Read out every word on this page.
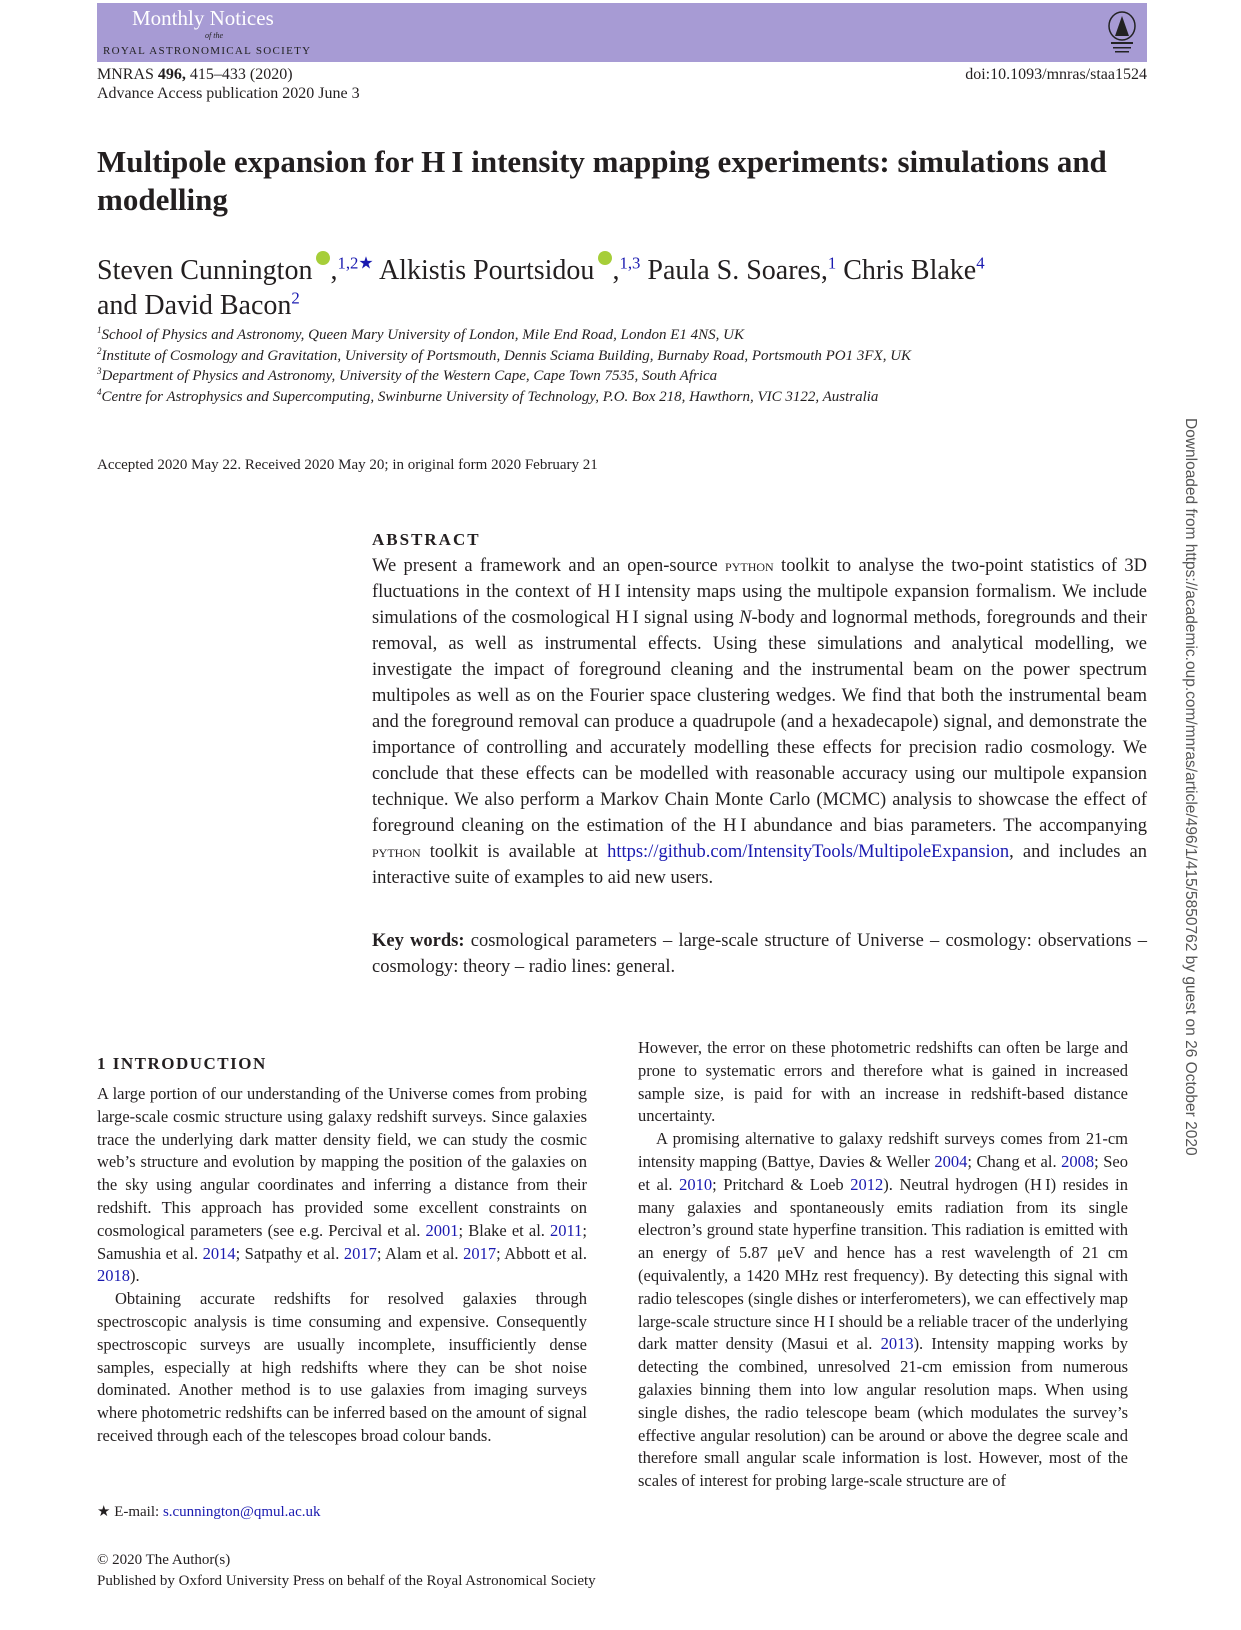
Monthly Notices
of the
ROYAL ASTRONOMICAL SOCIETY
MNRAS 496, 415–433 (2020)
Advance Access publication 2020 June 3
doi:10.1093/mnras/staa1524
Multipole expansion for H I intensity mapping experiments: simulations and modelling
Steven Cunnington iD ,$^{1,2★}$ Alkistis Pourtsidou iD ,$^{1,3}$ Paula S. Soares,$^1$ Chris Blake$^4$
and David Bacon$^2$
$^1$School of Physics and Astronomy, Queen Mary University of London, Mile End Road, London E1 4NS, UK
$^2$Institute of Cosmology and Gravitation, University of Portsmouth, Dennis Sciama Building, Burnaby Road, Portsmouth PO1 3FX, UK
$^3$Department of Physics and Astronomy, University of the Western Cape, Cape Town 7535, South Africa
$^4$Centre for Astrophysics and Supercomputing, Swinburne University of Technology, P.O. Box 218, Hawthorn, VIC 3122, Australia
Accepted 2020 May 22. Received 2020 May 20; in original form 2020 February 21
ABSTRACT
We present a framework and an open-source python toolkit to analyse the two-point statistics of 3D fluctuations in the context of H I intensity maps using the multipole expansion formalism. We include simulations of the cosmological H I signal using N-body and lognormal methods, foregrounds and their removal, as well as instrumental effects. Using these simulations and analytical modelling, we investigate the impact of foreground cleaning and the instrumental beam on the power spectrum multipoles as well as on the Fourier space clustering wedges. We find that both the instrumental beam and the foreground removal can produce a quadrupole (and a hexadecapole) signal, and demonstrate the importance of controlling and accurately modelling these effects for precision radio cosmology. We conclude that these effects can be modelled with reasonable accuracy using our multipole expansion technique. We also perform a Markov Chain Monte Carlo (MCMC) analysis to showcase the effect of foreground cleaning on the estimation of the H I abundance and bias parameters. The accompanying python toolkit is available at https://github.com/IntensityTools/MultipoleExpansion, and includes an interactive suite of examples to aid new users.
Key words: cosmological parameters – large-scale structure of Universe – cosmology: observations – cosmology: theory – radio lines: general.
1 INTRODUCTION

A large portion of our understanding of the Universe comes from probing large-scale cosmic structure using galaxy redshift surveys. Since galaxies trace the underlying dark matter density field, we can study the cosmic web’s structure and evolution by mapping the position of the galaxies on the sky using angular coordinates and inferring a distance from their redshift. This approach has provided some excellent constraints on cosmological parameters (see e.g. Percival et al. 2001; Blake et al. 2011; Samushia et al. 2014; Satpathy et al. 2017; Alam et al. 2017; Abbott et al. 2018).

Obtaining accurate redshifts for resolved galaxies through spectroscopic analysis is time consuming and expensive. Consequently spectroscopic surveys are usually incomplete, insufficiently dense samples, especially at high redshifts where they can be shot noise dominated. Another method is to use galaxies from imaging surveys where photometric redshifts can be inferred based on the amount of signal received through each of the telescopes broad colour bands.

However, the error on these photometric redshifts can often be large and prone to systematic errors and therefore what is gained in increased sample size, is paid for with an increase in redshift-based distance uncertainty.

A promising alternative to galaxy redshift surveys comes from 21-cm intensity mapping (Battye, Davies & Weller 2004; Chang et al. 2008; Seo et al. 2010; Pritchard & Loeb 2012). Neutral hydrogen (H I) resides in many galaxies and spontaneously emits radiation from its single electron’s ground state hyperfine transition. This radiation is emitted with an energy of 5.87 μeV and hence has a rest wavelength of 21 cm (equivalently, a 1420 MHz rest frequency). By detecting this signal with radio telescopes (single dishes or interferometers), we can effectively map large-scale structure since H I should be a reliable tracer of the underlying dark matter density (Masui et al. 2013). Intensity mapping works by detecting the combined, unresolved 21-cm emission from numerous galaxies binning them into low angular resolution maps. When using single dishes, the radio telescope beam (which modulates the survey’s effective angular resolution) can be around or above the degree scale and therefore small angular scale information is lost. However, most of the scales of interest for probing large-scale structure are of

★ E-mail: s.cunnington@qmul.ac.uk
© 2020 The Author(s)
Published by Oxford University Press on behalf of the Royal Astronomical Society
Downloaded from https://academic.oup.com/mnras/article/496/1/415/5850762 by guest on 26 October 2020
